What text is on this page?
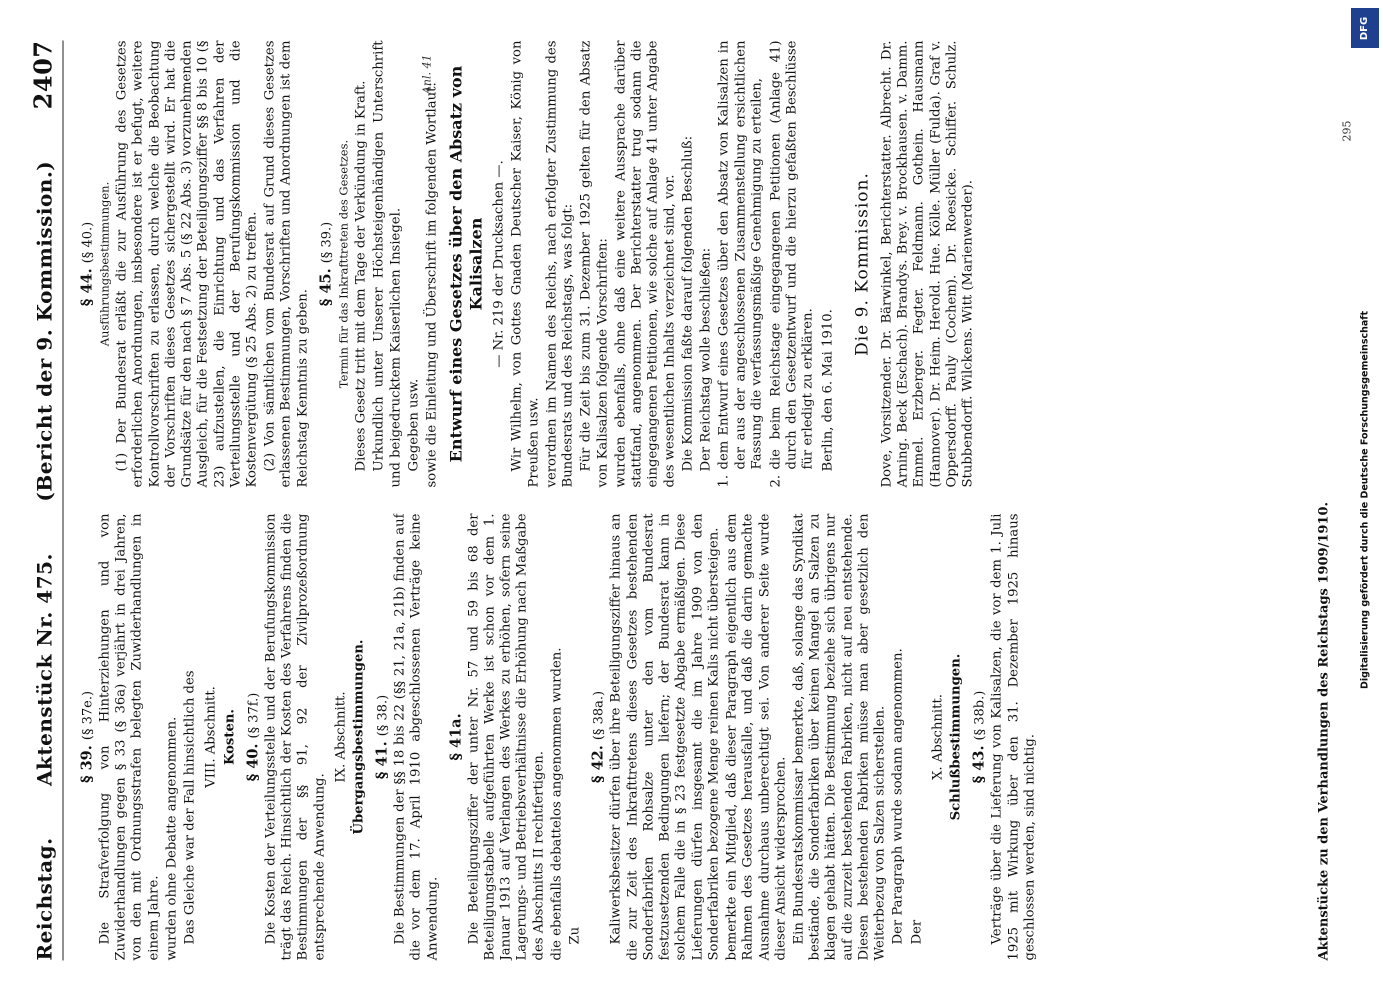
Reichstag.
Aktenstück Nr. 475.
(Bericht der 9. Kommission.)
2407
§ 39. (§ 37e.) Die Strafverfolgung von Hinterziehungen und von Zuwiderhandlungen gegen § 33 (§ 36a) verjährt in drei Jahren, von den mit Ordnungsstrafen belegten Zuwiderhandlungen in einem Jahre. wurden ohne Debatte angenommen. Das Gleiche war der Fall hinsichtlich des VIII. Abschnitt. Kosten. § 40. (§ 37f.) Die Kosten der Verteilungsstelle und der Berufungskommission trägt das Reich. Hinsichtlich der Kosten des Verfahrens finden die Bestimmungen der §§ 91, 92 der Zivilprozeßordnung entsprechende Anwendung.

IX. Abschnitt. Übergangsbestimmungen. § 41. (§ 38.) Die Bestimmungen der §§ 18 bis 22 (§§ 21, 21a, 21b) finden auf die vor dem 17. April 1910 abgeschlossenen Verträge keine Anwendung.

§ 41a. Die Beteiligungsziffer der unter Nr. 57 und 59 bis 68 der Beteiligungstabelle aufgeführten Werke ist schon vor dem 1. Januar 1913 auf Verlangen des Werkes zu erhöhen, sofern seine Lagerungs- und Betriebsverhältnisse die Erhöhung nach Maßgabe des Abschnitts II rechtfertigen. die ebenfalls debattelos angenommen wurden. Zu

§ 42. (§ 38a.) Kaliwerksbesitzer dürfen über ihre Beteiligungsziffer hinaus an die zur Zeit des Inkrafttretens dieses Gesetzes bestehenden Sonderfabriken Rohsalze unter den vom Bundesrat festzusetzenden Bedingungen liefern; der Bundesrat kann in solchem Falle die in § 23 festgesetzte Abgabe ermäßigen. Diese Lieferungen dürfen insgesamt die im Jahre 1909 von den Sonderfabriken bezogene Menge reinen Kalis nicht übersteigen. bemerkte ein Mitglied, daß dieser Paragraph eigentlich aus dem Rahmen des Gesetzes herausfalle, und daß die darin gemachte Ausnahme durchaus unberechtigt sei. Von anderer Seite wurde dieser Ansicht widersprochen. Ein Bundesratskommissar bemerkte, daß, solange das Syndikat bestände, die Sonderfabriken über keinen Mangel an Salzen zu klagen gehabt hätten. Die Bestimmung beziehe sich übrigens nur auf die zurzeit bestehenden Fabriken, nicht auf neu entstehende. Diesen bestehenden Fabriken müsse man aber gesetzlich den Weiterbezug von Salzen sicherstellen. Der Paragraph wurde sodann angenommen. Der

X. Abschnitt. Schlußbestimmungen. § 43. (§ 38b.) Verträge über die Lieferung von Kalisalzen, die vor dem 1. Juli 1925 mit Wirkung über den 31. Dezember 1925 hinaus geschlossen werden, sind nichtig.

§ 44. (§ 40.) Ausführungsbestimmungen. (1) Der Bundesrat erläßt die zur Ausführung des Gesetzes erforderlichen Anordnungen, insbesondere ist er befugt, weitere Kontrollvorschriften zu erlassen, durch welche die Beobachtung der Vorschriften dieses Gesetzes sichergestellt wird. Er hat die Grundsätze für den nach § 7 Abs. 5 (§ 22 Abs. 3) vorzunehmenden Ausgleich, für die Festsetzung der Beteiligungsziffer §§ 8 bis 10 (§ 23) aufzustellen, die Einrichtung und das Verfahren der Verteilungsstelle und der Berufungskommission und die Kostenvergütung (§ 25 Abs. 2) zu treffen. (2) Von sämtlichen vom Bundesrat auf Grund dieses Gesetzes erlassenen Bestimmungen, Vorschriften und Anordnungen ist dem Reichstag Kenntnis zu geben.

§ 45. (§ 39.) Termin für das Inkrafttreten des Gesetzes. Dieses Gesetz tritt mit dem Tage der Verkündung in Kraft. Urkundlich unter Unserer Höchsteigenhändigen Unterschrift und beigedrucktem Kaiserlichen Insiegel. Gegeben usw. sowie die Einleitung und Überschrift im folgenden Wortlaut: Entwurf eines Gesetzes über den Absatz von Kalisalzen — Nr. 219 der Drucksachen —. Wir Wilhelm, von Gottes Gnaden Deutscher Kaiser, König von Preußen usw. verordnen im Namen des Reichs, nach erfolgter Zustimmung des Bundesrats und des Reichstags, was folgt: Für die Zeit bis zum 31. Dezember 1925 gelten für den Absatz von Kalisalzen folgende Vorschriften: wurden ebenfalls, ohne daß eine weitere Aussprache darüber stattfand, angenommen. Der Berichterstatter trug sodann die eingegangenen Petitionen, wie solche auf Anlage 41 unter Angabe des wesentlichen Inhalts verzeichnet sind, vor. Die Kommission faßte darauf folgenden Beschluß: Der Reichstag wolle beschließen:

1.
dem Entwurf eines Gesetzes über den Absatz von Kalisalzen in der aus der angeschlossenen Zusammenstellung ersichtlichen Fassung die verfassungsmäßige Genehmigung zu erteilen,
2.
die beim Reichstage eingegangenen Petitionen (Anlage 41) durch den Gesetzentwurf und die hierzu gefaßten Beschlüsse für erledigt zu erklären. Berlin, den 6. Mai 1910.

Die 9. Kommission. Dove, Vorsitzender. Dr. Bärwinkel, Berichterstatter. Albrecht. Dr. Arning. Beck (Eschach). Brandys. Brey. v. Brockhausen. v. Damm. Emmel. Erzberger. Fegter. Feldmann. Gothein. Hausmann (Hannover). Dr. Heim. Herold. Hue. Kölle. Müller (Fulda). Graf v. Oppersdorff. Pauly (Cochem). Dr. Roesicke. Schiffer. Schulz. Stubbendorff. Wilckens. Witt (Marienwerder).

Anl. 41
Aktenstücke zu den Verhandlungen des Reichstags 1909/1910.
295
DFG
Digitalisierung gefördert durch die Deutsche Forschungsgemeinschaft
